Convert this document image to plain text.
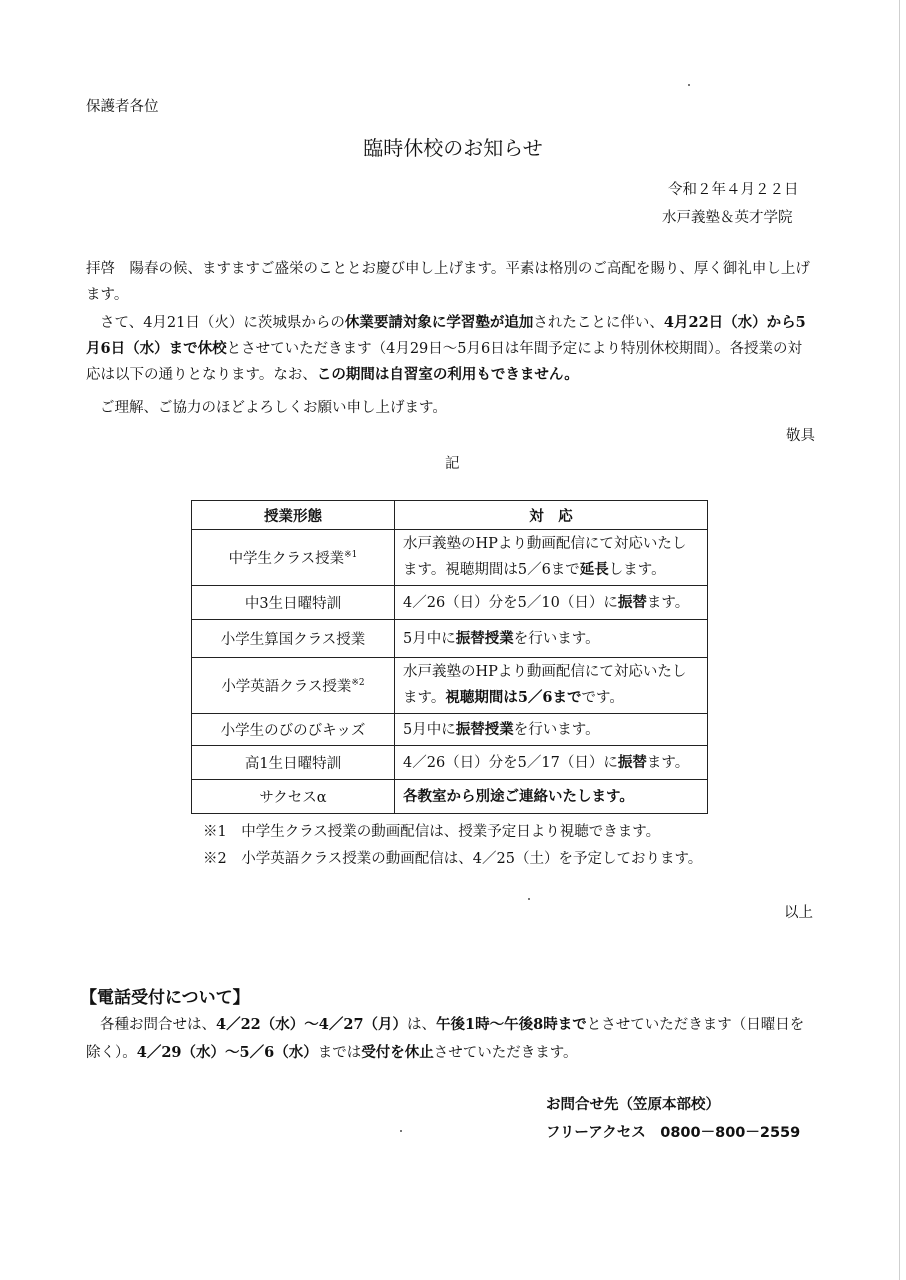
保護者各位
臨時休校のお知らせ
令和２年４月２２日
水戸義塾＆英才学院
拝啓　陽春の候、ますますご盛栄のこととお慶び申し上げます。平素は格別のご高配を賜り、厚く御礼申し上げます。
さて、4月21日（火）に茨城県からの休業要請対象に学習塾が追加されたことに伴い、4月22日（水）から5月6日（水）まで休校とさせていただきます（4月29日～5月6日は年間予定により特別休校期間）。各授業の対応は以下の通りとなります。なお、この期間は自習室の利用もできません。
ご理解、ご協力のほどよろしくお願い申し上げます。
敬具
記
授業形態	対　応
中学生クラス授業$^{※1}$	水戸義塾のHPより動画配信にて対応いたします。視聴期間は5／6まで延長します。
中3生日曜特訓	4／26（日）分を5／10（日）に振替ます。
小学生算国クラス授業	5月中に振替授業を行います。
小学英語クラス授業$^{※2}$	水戸義塾のHPより動画配信にて対応いたします。視聴期間は5／6までです。
小学生のびのびキッズ	5月中に振替授業を行います。
高1生日曜特訓	4／26（日）分を5／17（日）に振替ます。
サクセスα	各教室から別途ご連絡いたします。
※1　中学生クラス授業の動画配信は、授業予定日より視聴できます。
※2　小学英語クラス授業の動画配信は、4／25（土）を予定しております。
以上
【電話受付について】
各種お問合せは、4／22（水）～4／27（月）は、午後1時～午後8時までとさせていただきます（日曜日を除く）。4／29（水）～5／6（水）までは受付を休止させていただきます。
お問合せ先（笠原本部校）
フリーアクセス　0800－800－2559
